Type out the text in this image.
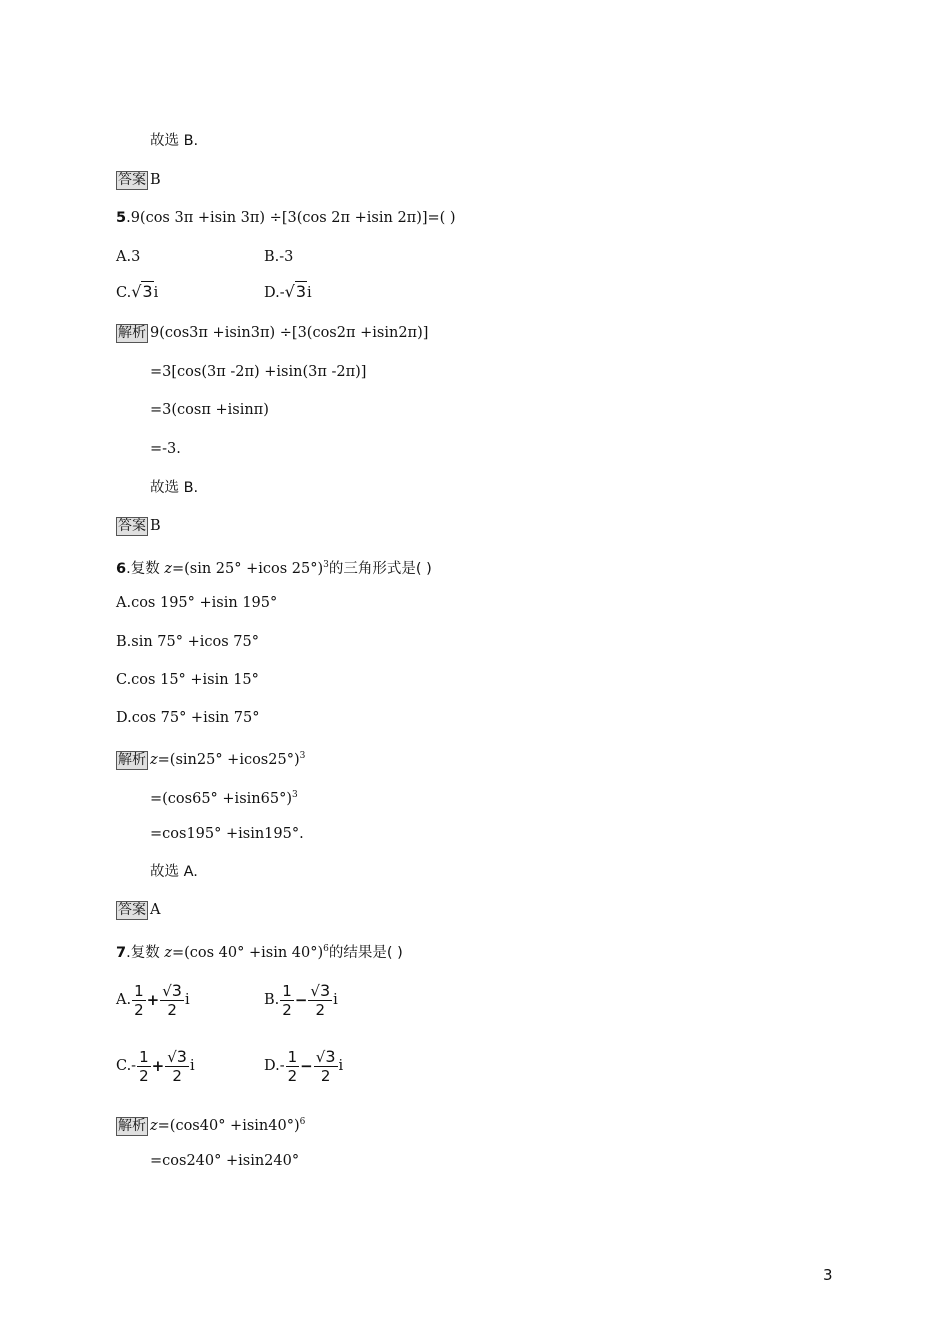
故选 B.
答案 B
5.9(cos 3π +isin 3π) ÷[3(cos 2π +isin 2π)]=( )
A.3	B.-3
C.√3i	D.-√3i
解析 9(cos3π +isin3π) ÷[3(cos2π +isin2π)]
=3[cos(3π -2π) +isin(3π -2π)]
=3(cosπ +isinπ)
=-3.
故选 B.
答案 B
6.复数 z=(sin 25° +icos 25°)$^3$的三角形式是( )
A.cos 195° +isin 195°
B.sin 75° +icos 75°
C.cos 15° +isin 15°
D.cos 75° +isin 75°
解析 $z=(\sin 25^\circ +icos25^\circ)^3$
$=(\cos 65^\circ +isin65^\circ)^3$
=cos195° +isin195°.
故选 A.
答案 A
7.复数 z=(cos 40° +isin 40°)$^6$的结果是( )
A. $\frac{1}{2} + \frac{√3}{2}$ i	B. $\frac{1}{2} - \frac{√3}{2}$ i
$C.- \frac{1}{2} + \frac{√3}{2}$ i	$D.- \frac{1}{2} - \frac{√3}{2}$ i
解析 $z=(\cos 40^\circ +isin40^\circ)^6$
=cos240° +isin240°
3
